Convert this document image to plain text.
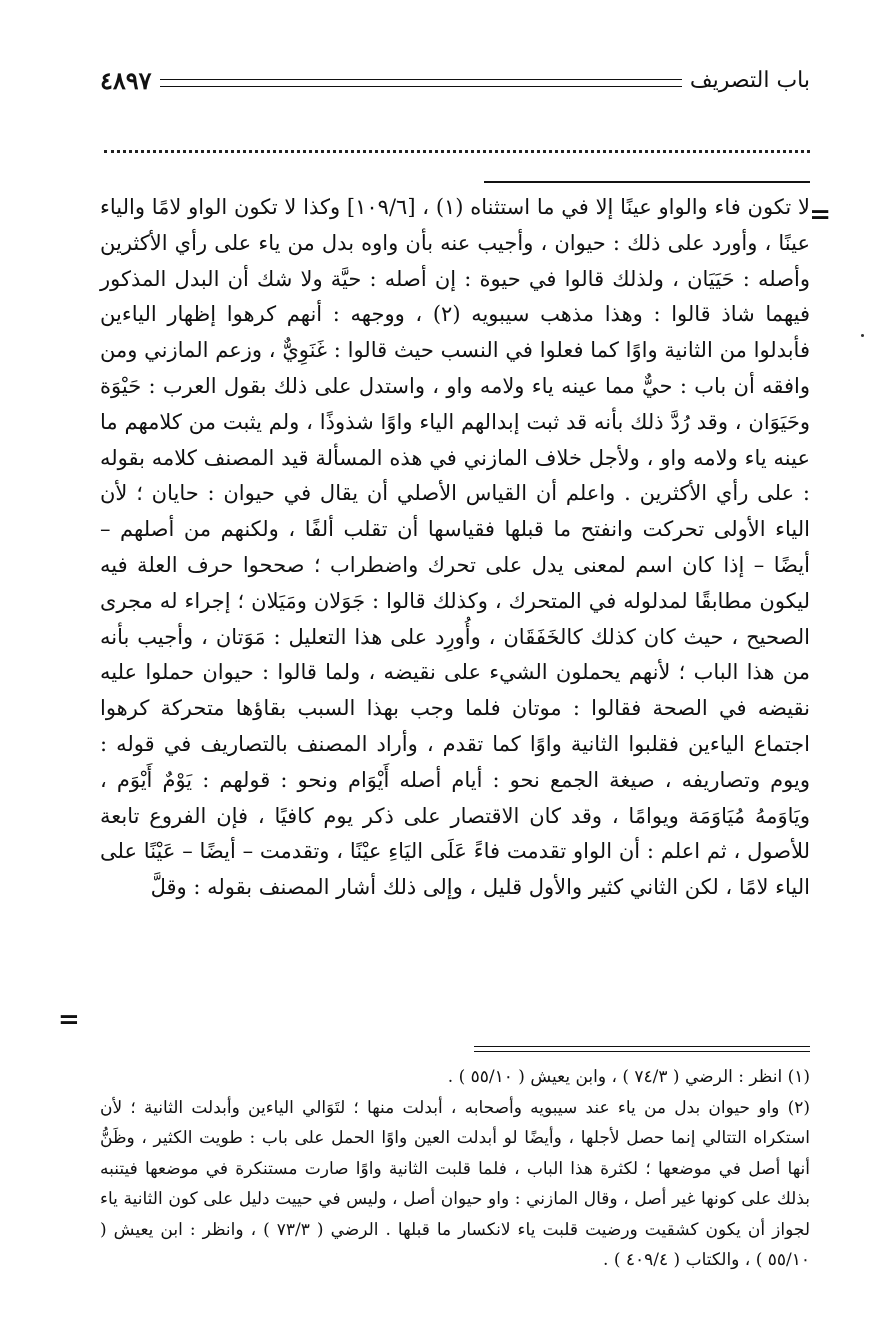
باب التصريف
٤٨٩٧
=

لا تكون فاء والواو عينًا إلا في ما استثناه (١) ، [١٠٩/٦] وكذا لا تكون الواو لامًا والياء عينًا ، وأورد على ذلك : حيوان ، وأجيب عنه بأن واوه بدل من ياء على رأي الأكثرين وأصله : حَيَيَان ، ولذلك قالوا في حيوة : إن أصله : حيَّة ولا شك أن البدل المذكور فيهما شاذ قالوا : وهذا مذهب سيبويه (٢) ، ووجهه : أنهم كرهوا إظهار الياءين فأبدلوا من الثانية واوًا كما فعلوا في النسب حيث قالوا : غَنَوِيٌّ ، وزعم المازني ومن وافقه أن باب : حيٌّ مما عينه ياء ولامه واو ، واستدل على ذلك بقول العرب : حَيْوَة وحَيَوَان ، وقد رُدَّ ذلك بأنه قد ثبت إبدالهم الياء واوًا شذوذًا ، ولم يثبت من كلامهم ما عينه ياء ولامه واو ، ولأجل خلاف المازني في هذه المسألة قيد المصنف كلامه بقوله : على رأي الأكثرين . واعلم أن القياس الأصلي أن يقال في حيوان : حايان ؛ لأن الياء الأولى تحركت وانفتح ما قبلها فقياسها أن تقلب ألفًا ، ولكنهم من أصلهم – أيضًا – إذا كان اسم لمعنى يدل على تحرك واضطراب ؛ صححوا حرف العلة فيه ليكون مطابقًا لمدلوله في المتحرك ، وكذلك قالوا : جَوَلان ومَيَلان ؛ إجراء له مجرى الصحيح ، حيث كان كذلك كالخَفَقَان ، وأُورِد على هذا التعليل : مَوَتان ، وأجيب بأنه من هذا الباب ؛ لأنهم يحملون الشيء على نقيضه ، ولما قالوا : حيوان حملوا عليه نقيضه في الصحة فقالوا : موتان فلما وجب بهذا السبب بقاؤها متحركة كرهوا اجتماع الياءين فقلبوا الثانية واوًا كما تقدم ، وأراد المصنف بالتصاريف في قوله : ويوم وتصاريفه ، صيغة الجمع نحو : أيام أصله أَيْوَام ونحو : قولهم : يَوْمٌ أَيْوَم ، ويَاوَمهُ مُيَاوَمَة ويوامًا ، وقد كان الاقتصار على ذكر يوم كافيًا ، فإن الفروع تابعة للأصول ، ثم اعلم : أن الواو تقدمت فاءً عَلَى اليَاءِ عيْنًا ، وتقدمت – أيضًا – عَيْنًا على الياء لامًا ، لكن الثاني كثير والأول قليل ، وإلى ذلك أشار المصنف بقوله : وقلَّ

=

(١) انظر : الرضي ( ٧٤/٣ ) ، وابن يعيش ( ٥٥/١٠ ) .

(٢) واو حيوان بدل من ياء عند سيبويه وأصحابه ، أبدلت منها ؛ لتَوَالي الياءين وأبدلت الثانية ؛ لأن استكراه التتالي إنما حصل لأجلها ، وأيضًا لو أبدلت العين واوًا الحمل على باب : طويت الكثير ، وظَنُّ أنها أصل في موضعها ؛ لكثرة هذا الباب ، فلما قلبت الثانية واوًا صارت مستنكرة في موضعها فيتنبه بذلك على كونها غير أصل ، وقال المازني : واو حيوان أصل ، وليس في حييت دليل على كون الثانية ياء لجواز أن يكون كشقيت ورضيت قلبت ياء لانكسار ما قبلها . الرضي ( ٧٣/٣ ) ، وانظر : ابن يعيش ( ٥٥/١٠ ) ، والكتاب ( ٤٠٩/٤ ) .
